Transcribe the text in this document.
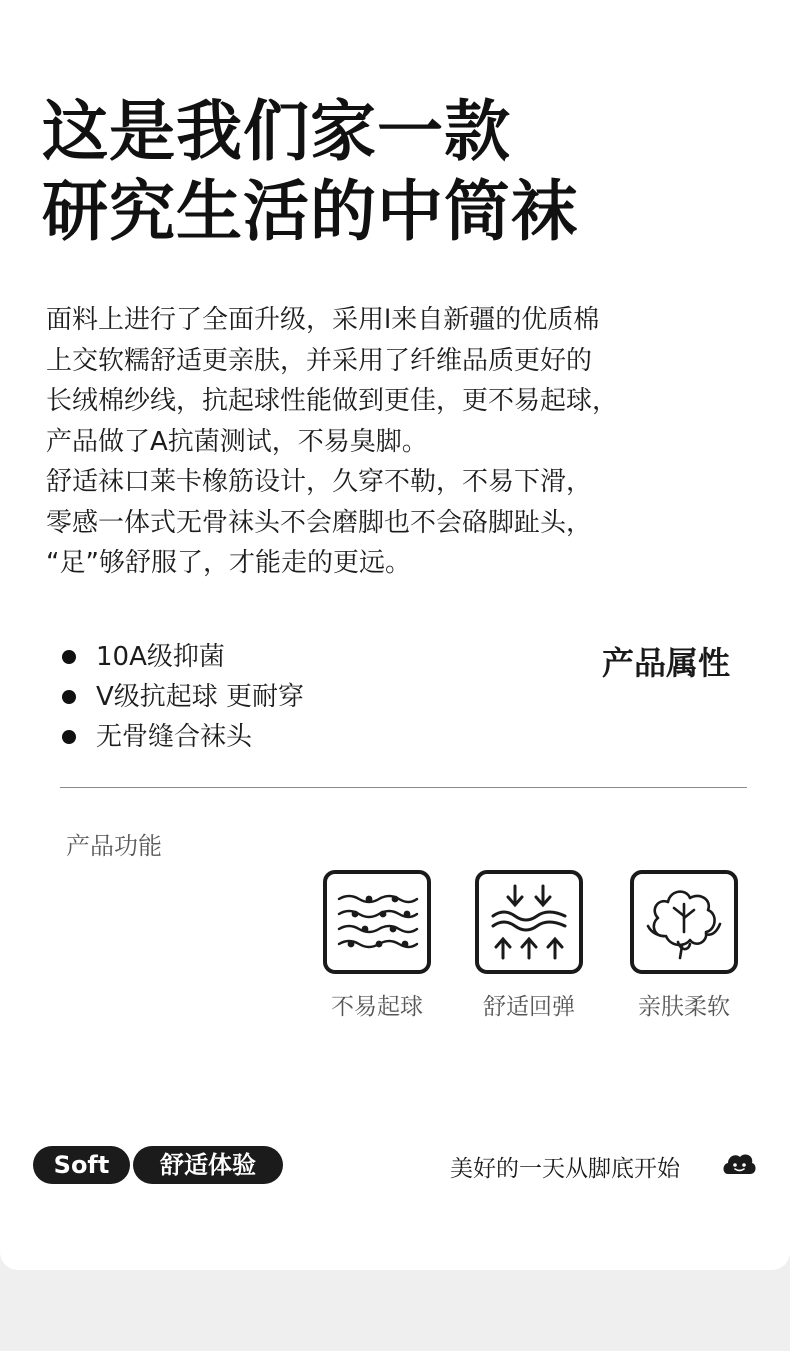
这是我们家一款
研究生活的中筒袜
面料上进行了全面升级，采用l来自新疆的优质棉
上交软糯舒适更亲肤，并采用了纤维品质更好的
长绒棉纱线，抗起球性能做到更佳，更不易起球，
产品做了A抗菌测试，不易臭脚。
舒适袜口莱卡橡筋设计，久穿不勒，不易下滑，
零感一体式无骨袜头不会磨脚也不会硌脚趾头，
“足”够舒服了，才能走的更远。
10A级抑菌
V级抗起球 更耐穿
无骨缝合袜头
产品属性
产品功能
不易起球	舒适回弹	亲肤柔软
Soft	舒适体验	美好的一天从脚底开始
